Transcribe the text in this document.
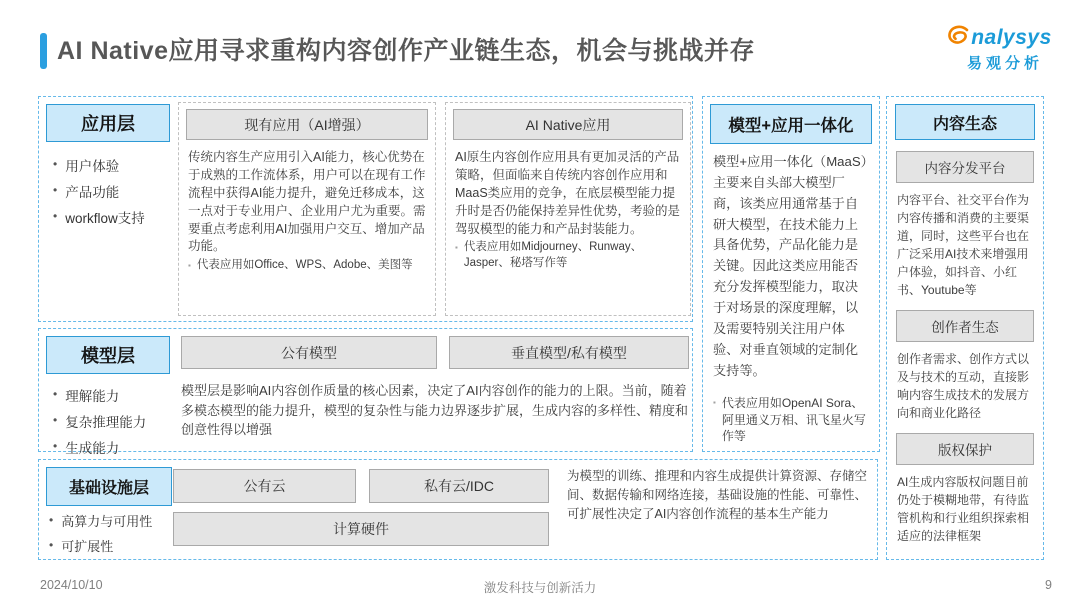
AI Native应用寻求重构内容创作产业链生态，机会与挑战并存	nalysys
易观分析
应用层
• 用户体验
• 产品功能
• workflow支持
现有应用（AI增强）
传统内容生产应用引入AI能力，核心优势在于成熟的工作流体系，用户可以在现有工作流程中获得AI能力提升，避免迁移成本，这一点对于专业用户、企业用户尤为重要。需要重点考虑利用AI加强用户交互、增加产品功能。
▪ 代表应用如Office、WPS、Adobe、美图等
AI Native应用
AI原生内容创作应用具有更加灵活的产品策略，但面临来自传统内容创作应用和MaaS类应用的竞争，在底层模型能力提升时是否仍能保持差异性优势，考验的是驾驭模型的能力和产品封装能力。
▪ 代表应用如Midjourney、Runway、Jasper、秘塔写作等
模型层	公有模型	垂直模型/私有模型
• 理解能力
• 复杂推理能力
• 生成能力
模型层是影响AI内容创作质量的核心因素，决定了AI内容创作的能力的上限。当前，随着多模态模型的能力提升，模型的复杂性与能力边界逐步扩展，生成内容的多样性、精度和创意性得以增强
基础设施层	公有云	私有云/IDC
计算硬件
• 高算力与可用性
• 可扩展性
为模型的训练、推理和内容生成提供计算资源、存储空间、数据传输和网络连接，基础设施的性能、可靠性、可扩展性决定了AI内容创作流程的基本生产能力
模型+应用一体化
模型+应用一体化（MaaS）主要来自头部大模型厂商，该类应用通常基于自研大模型，在技术能力上具备优势，产品化能力是关键。因此这类应用能否充分发挥模型能力，取决于对场景的深度理解，以及需要特别关注用户体验、对垂直领域的定制化支持等。
▪ 代表应用如OpenAI Sora、阿里通义万相、讯飞星火写作等
内容生态
内容分发平台
内容平台、社交平台作为内容传播和消费的主要渠道，同时，这些平台也在广泛采用AI技术来增强用户体验，如抖音、小红书、Youtube等
创作者生态
创作者需求、创作方式以及与技术的互动，直接影响内容生成技术的发展方向和商业化路径
版权保护
AI生成内容版权问题目前仍处于模糊地带，有待监管机构和行业组织探索相适应的法律框架
2024/10/10	激发科技与创新活力	9
